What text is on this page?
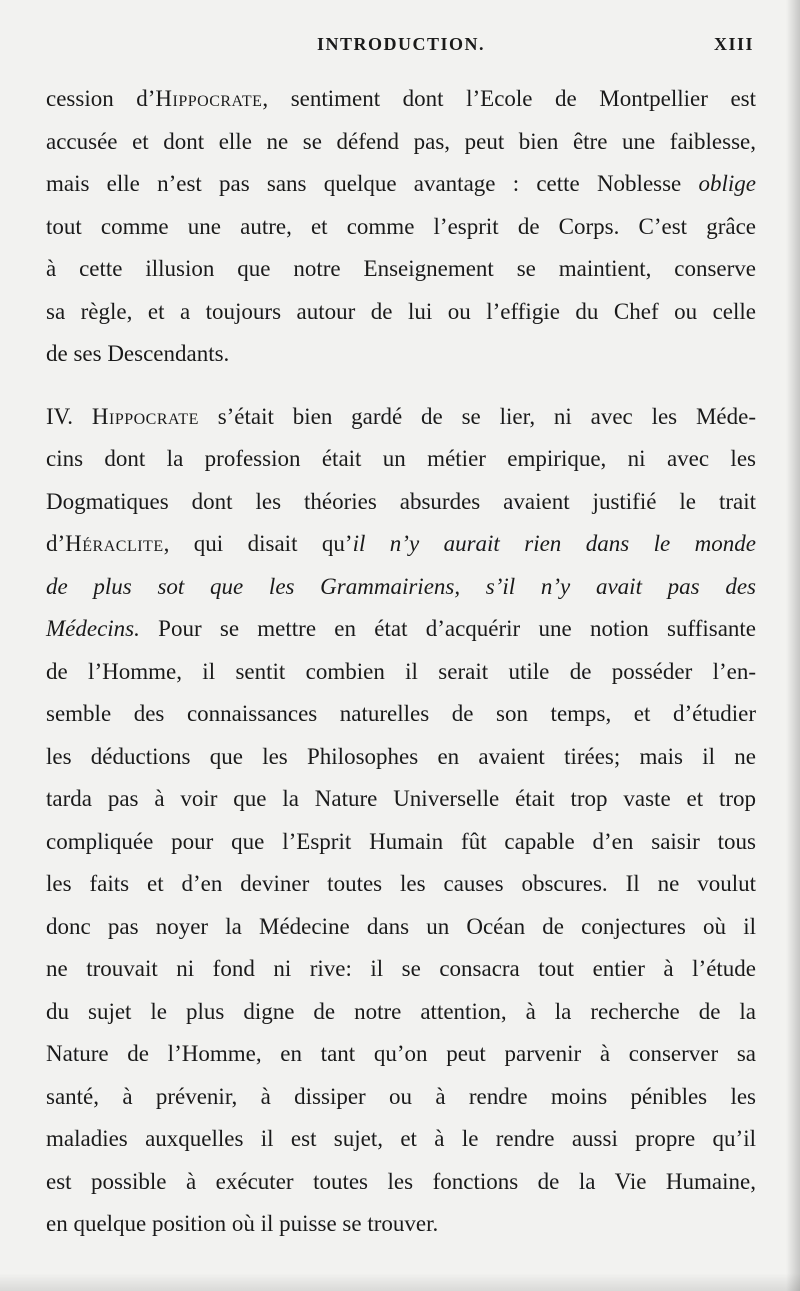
INTRODUCTION.	XIII
cession d’Hippocrate, sentiment dont l’Ecole de Montpellier est
accusée et dont elle ne se défend pas, peut bien être une faiblesse,
mais elle n’est pas sans quelque avantage : cette Noblesse oblige
tout comme une autre, et comme l’esprit de Corps. C’est grâce
à cette illusion que notre Enseignement se maintient, conserve
sa règle, et a toujours autour de lui ou l’effigie du Chef ou celle
de ses Descendants.
IV. Hippocrate s’était bien gardé de se lier, ni avec les Méde-
cins dont la profession était un métier empirique, ni avec les
Dogmatiques dont les théories absurdes avaient justifié le trait
d’Héraclite, qui disait qu’il n’y aurait rien dans le monde
de plus sot que les Grammairiens, s’il n’y avait pas des
Médecins. Pour se mettre en état d’acquérir une notion suffisante
de l’Homme, il sentit combien il serait utile de posséder l’en-
semble des connaissances naturelles de son temps, et d’étudier
les déductions que les Philosophes en avaient tirées; mais il ne
tarda pas à voir que la Nature Universelle était trop vaste et trop
compliquée pour que l’Esprit Humain fût capable d’en saisir tous
les faits et d’en deviner toutes les causes obscures. Il ne voulut
donc pas noyer la Médecine dans un Océan de conjectures où il
ne trouvait ni fond ni rive: il se consacra tout entier à l’étude
du sujet le plus digne de notre attention, à la recherche de la
Nature de l’Homme, en tant qu’on peut parvenir à conserver sa
santé, à prévenir, à dissiper ou à rendre moins pénibles les
maladies auxquelles il est sujet, et à le rendre aussi propre qu’il
est possible à exécuter toutes les fonctions de la Vie Humaine,
en quelque position où il puisse se trouver.
